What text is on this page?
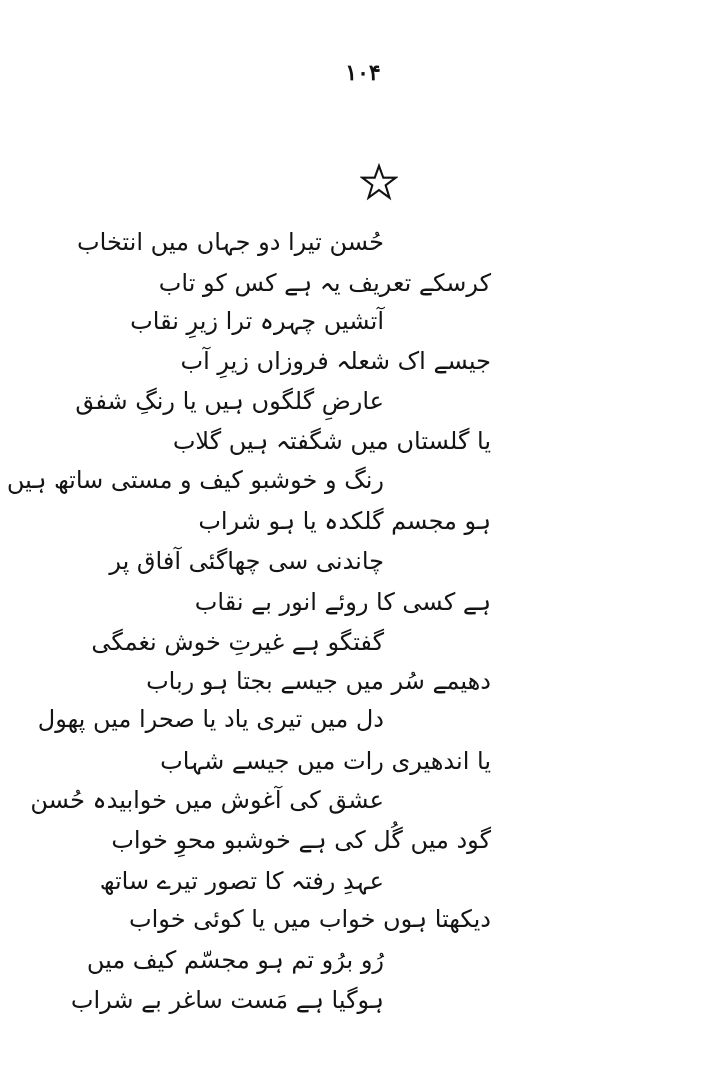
۱۰۴
حُسن تیرا دو جہاں میں انتخاب
کرسکے تعریف یہ ہے کس کو تاب
آتشیں چہرہ ترا زیرِ نقاب
جیسے اک شعلہ فروزاں زیرِ آب
عارضِ گلگوں ہیں یا رنگِ شفق
یا گلستاں میں شگفتہ ہیں گلاب
رنگ و خوشبو کیف و مستی ساتھ ہیں
ہو مجسم گلکدہ یا ہو شراب
چاندنی سی چھاگئی آفاق پر
ہے کسی کا روئے انور بے نقاب
گفتگو ہے غیرتِ خوش نغمگی
دھیمے سُر میں جیسے بجتا ہو رباب
دل میں تیری یاد یا صحرا میں پھول
یا اندھیری رات میں جیسے شہاب
عشق کی آغوش میں خوابیدہ حُسن
گود میں گُل کی ہے خوشبو محوِ خواب
عہدِ رفتہ کا تصور تیرے ساتھ
دیکھتا ہوں خواب میں یا کوئی خواب
رُو برُو تم ہو مجسّم کیف میں
ہوگیا ہے مَست ساغر بے شراب
